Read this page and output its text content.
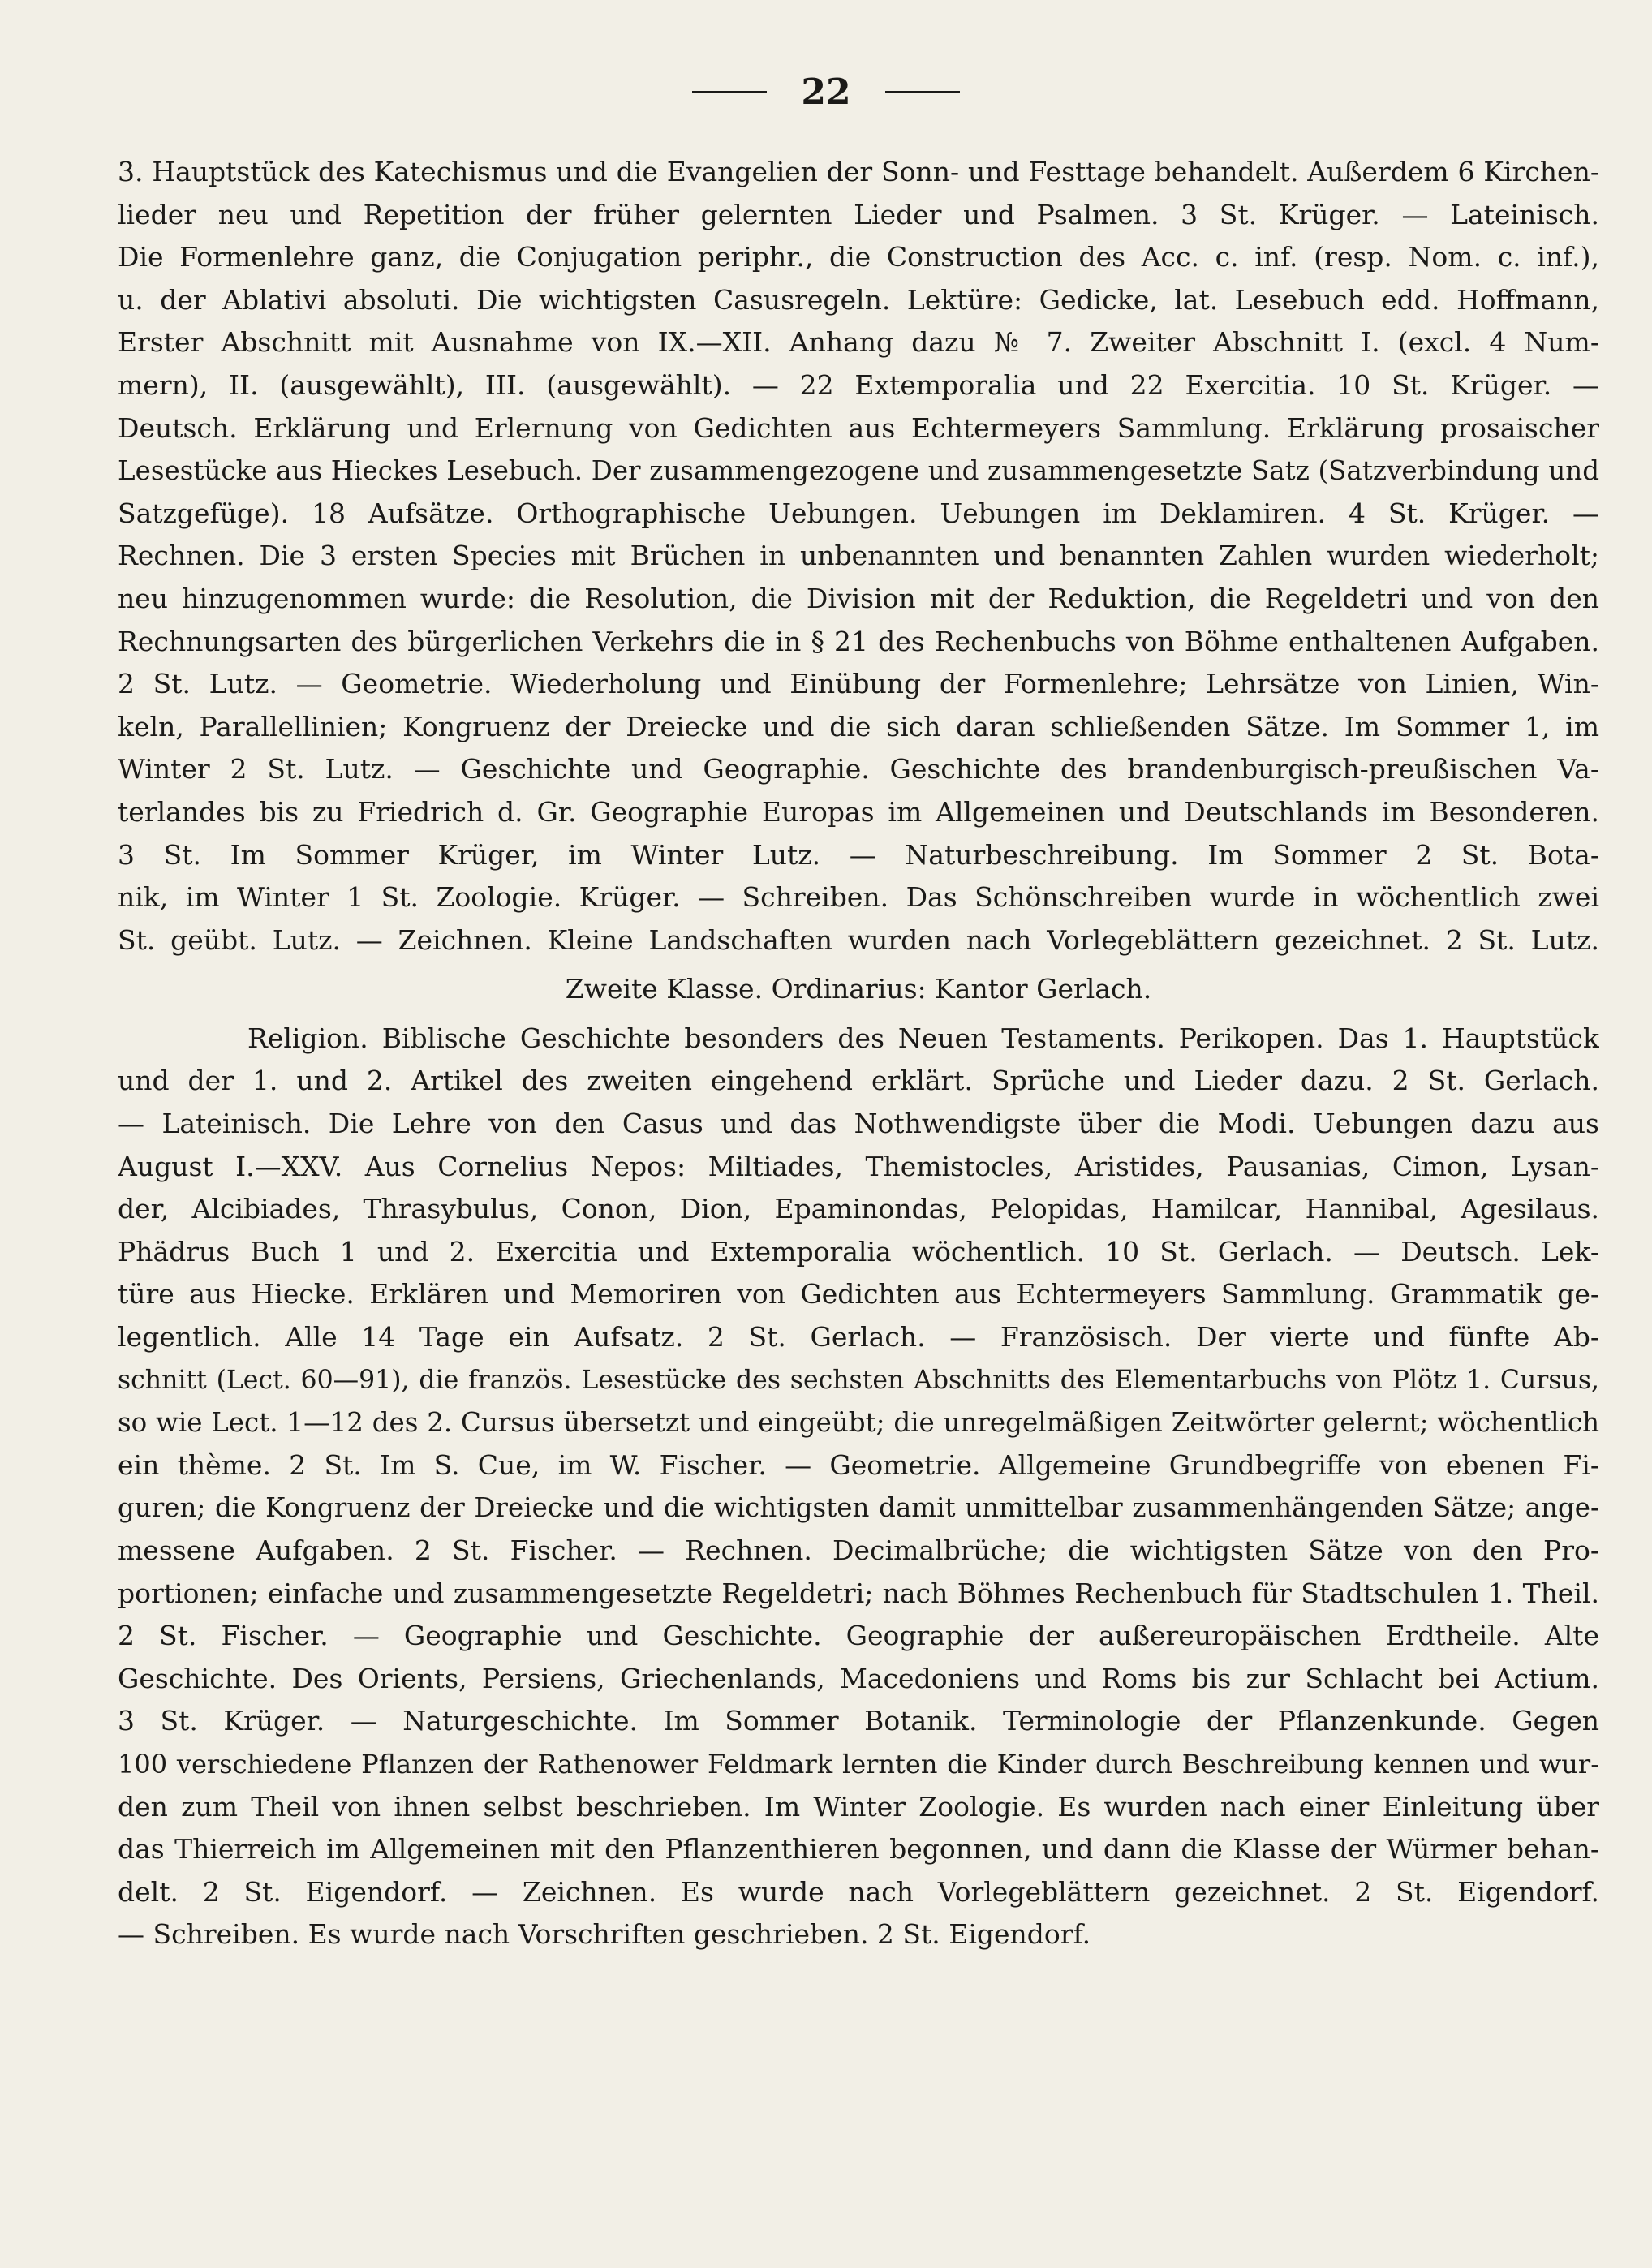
22
3. Hauptstück des Katechismus und die Evangelien der Sonn- und Festtage behandelt. Außerdem 6 Kirchen-
lieder neu und Repetition der früher gelernten Lieder und Psalmen. 3 St. Krüger. — Lateinisch.
Die Formenlehre ganz, die Conjugation periphr., die Construction des Acc. c. inf. (resp. Nom. c. inf.),
u. der Ablativi absoluti. Die wichtigsten Casusregeln. Lektüre: Gedicke, lat. Lesebuch edd. Hoffmann,
Erster Abschnitt mit Ausnahme von IX.—XII. Anhang dazu № 7. Zweiter Abschnitt I. (excl. 4 Num-
mern), II. (ausgewählt), III. (ausgewählt). — 22 Extemporalia und 22 Exercitia. 10 St. Krüger. —
Deutsch. Erklärung und Erlernung von Gedichten aus Echtermeyers Sammlung. Erklärung prosaischer
Lesestücke aus Hieckes Lesebuch. Der zusammengezogene und zusammengesetzte Satz (Satzverbindung und
Satzgefüge). 18 Aufsätze. Orthographische Uebungen. Uebungen im Deklamiren. 4 St. Krüger. —
Rechnen. Die 3 ersten Species mit Brüchen in unbenannten und benannten Zahlen wurden wiederholt;
neu hinzugenommen wurde: die Resolution, die Division mit der Reduktion, die Regeldetri und von den
Rechnungsarten des bürgerlichen Verkehrs die in § 21 des Rechenbuchs von Böhme enthaltenen Aufgaben.
2 St. Lutz. — Geometrie. Wiederholung und Einübung der Formenlehre; Lehrsätze von Linien, Win-
keln, Parallellinien; Kongruenz der Dreiecke und die sich daran schließenden Sätze. Im Sommer 1, im
Winter 2 St. Lutz. — Geschichte und Geographie. Geschichte des brandenburgisch-preußischen Va-
terlandes bis zu Friedrich d. Gr. Geographie Europas im Allgemeinen und Deutschlands im Besonderen.
3 St. Im Sommer Krüger, im Winter Lutz. — Naturbeschreibung. Im Sommer 2 St. Bota-
nik, im Winter 1 St. Zoologie. Krüger. — Schreiben. Das Schönschreiben wurde in wöchentlich zwei
St. geübt. Lutz. — Zeichnen. Kleine Landschaften wurden nach Vorlegeblättern gezeichnet. 2 St. Lutz.
Zweite Klasse. Ordinarius: Kantor Gerlach.
Religion. Biblische Geschichte besonders des Neuen Testaments. Perikopen. Das 1. Hauptstück
und der 1. und 2. Artikel des zweiten eingehend erklärt. Sprüche und Lieder dazu. 2 St. Gerlach.
— Lateinisch. Die Lehre von den Casus und das Nothwendigste über die Modi. Uebungen dazu aus
August I.—XXV. Aus Cornelius Nepos: Miltiades, Themistocles, Aristides, Pausanias, Cimon, Lysan-
der, Alcibiades, Thrasybulus, Conon, Dion, Epaminondas, Pelopidas, Hamilcar, Hannibal, Agesilaus.
Phädrus Buch 1 und 2. Exercitia und Extemporalia wöchentlich. 10 St. Gerlach. — Deutsch. Lek-
türe aus Hiecke. Erklären und Memoriren von Gedichten aus Echtermeyers Sammlung. Grammatik ge-
legentlich. Alle 14 Tage ein Aufsatz. 2 St. Gerlach. — Französisch. Der vierte und fünfte Ab-
schnitt (Lect. 60—91), die französ. Lesestücke des sechsten Abschnitts des Elementarbuchs von Plötz 1. Cursus,
so wie Lect. 1—12 des 2. Cursus übersetzt und eingeübt; die unregelmäßigen Zeitwörter gelernt; wöchentlich
ein thème. 2 St. Im S. Cue, im W. Fischer. — Geometrie. Allgemeine Grundbegriffe von ebenen Fi-
guren; die Kongruenz der Dreiecke und die wichtigsten damit unmittelbar zusammenhängenden Sätze; ange-
messene Aufgaben. 2 St. Fischer. — Rechnen. Decimalbrüche; die wichtigsten Sätze von den Pro-
portionen; einfache und zusammengesetzte Regeldetri; nach Böhmes Rechenbuch für Stadtschulen 1. Theil.
2 St. Fischer. — Geographie und Geschichte. Geographie der außereuropäischen Erdtheile. Alte
Geschichte. Des Orients, Persiens, Griechenlands, Macedoniens und Roms bis zur Schlacht bei Actium.
3 St. Krüger. — Naturgeschichte. Im Sommer Botanik. Terminologie der Pflanzenkunde. Gegen
100 verschiedene Pflanzen der Rathenower Feldmark lernten die Kinder durch Beschreibung kennen und wur-
den zum Theil von ihnen selbst beschrieben. Im Winter Zoologie. Es wurden nach einer Einleitung über
das Thierreich im Allgemeinen mit den Pflanzenthieren begonnen, und dann die Klasse der Würmer behan-
delt. 2 St. Eigendorf. — Zeichnen. Es wurde nach Vorlegeblättern gezeichnet. 2 St. Eigendorf.
— Schreiben. Es wurde nach Vorschriften geschrieben. 2 St. Eigendorf.
